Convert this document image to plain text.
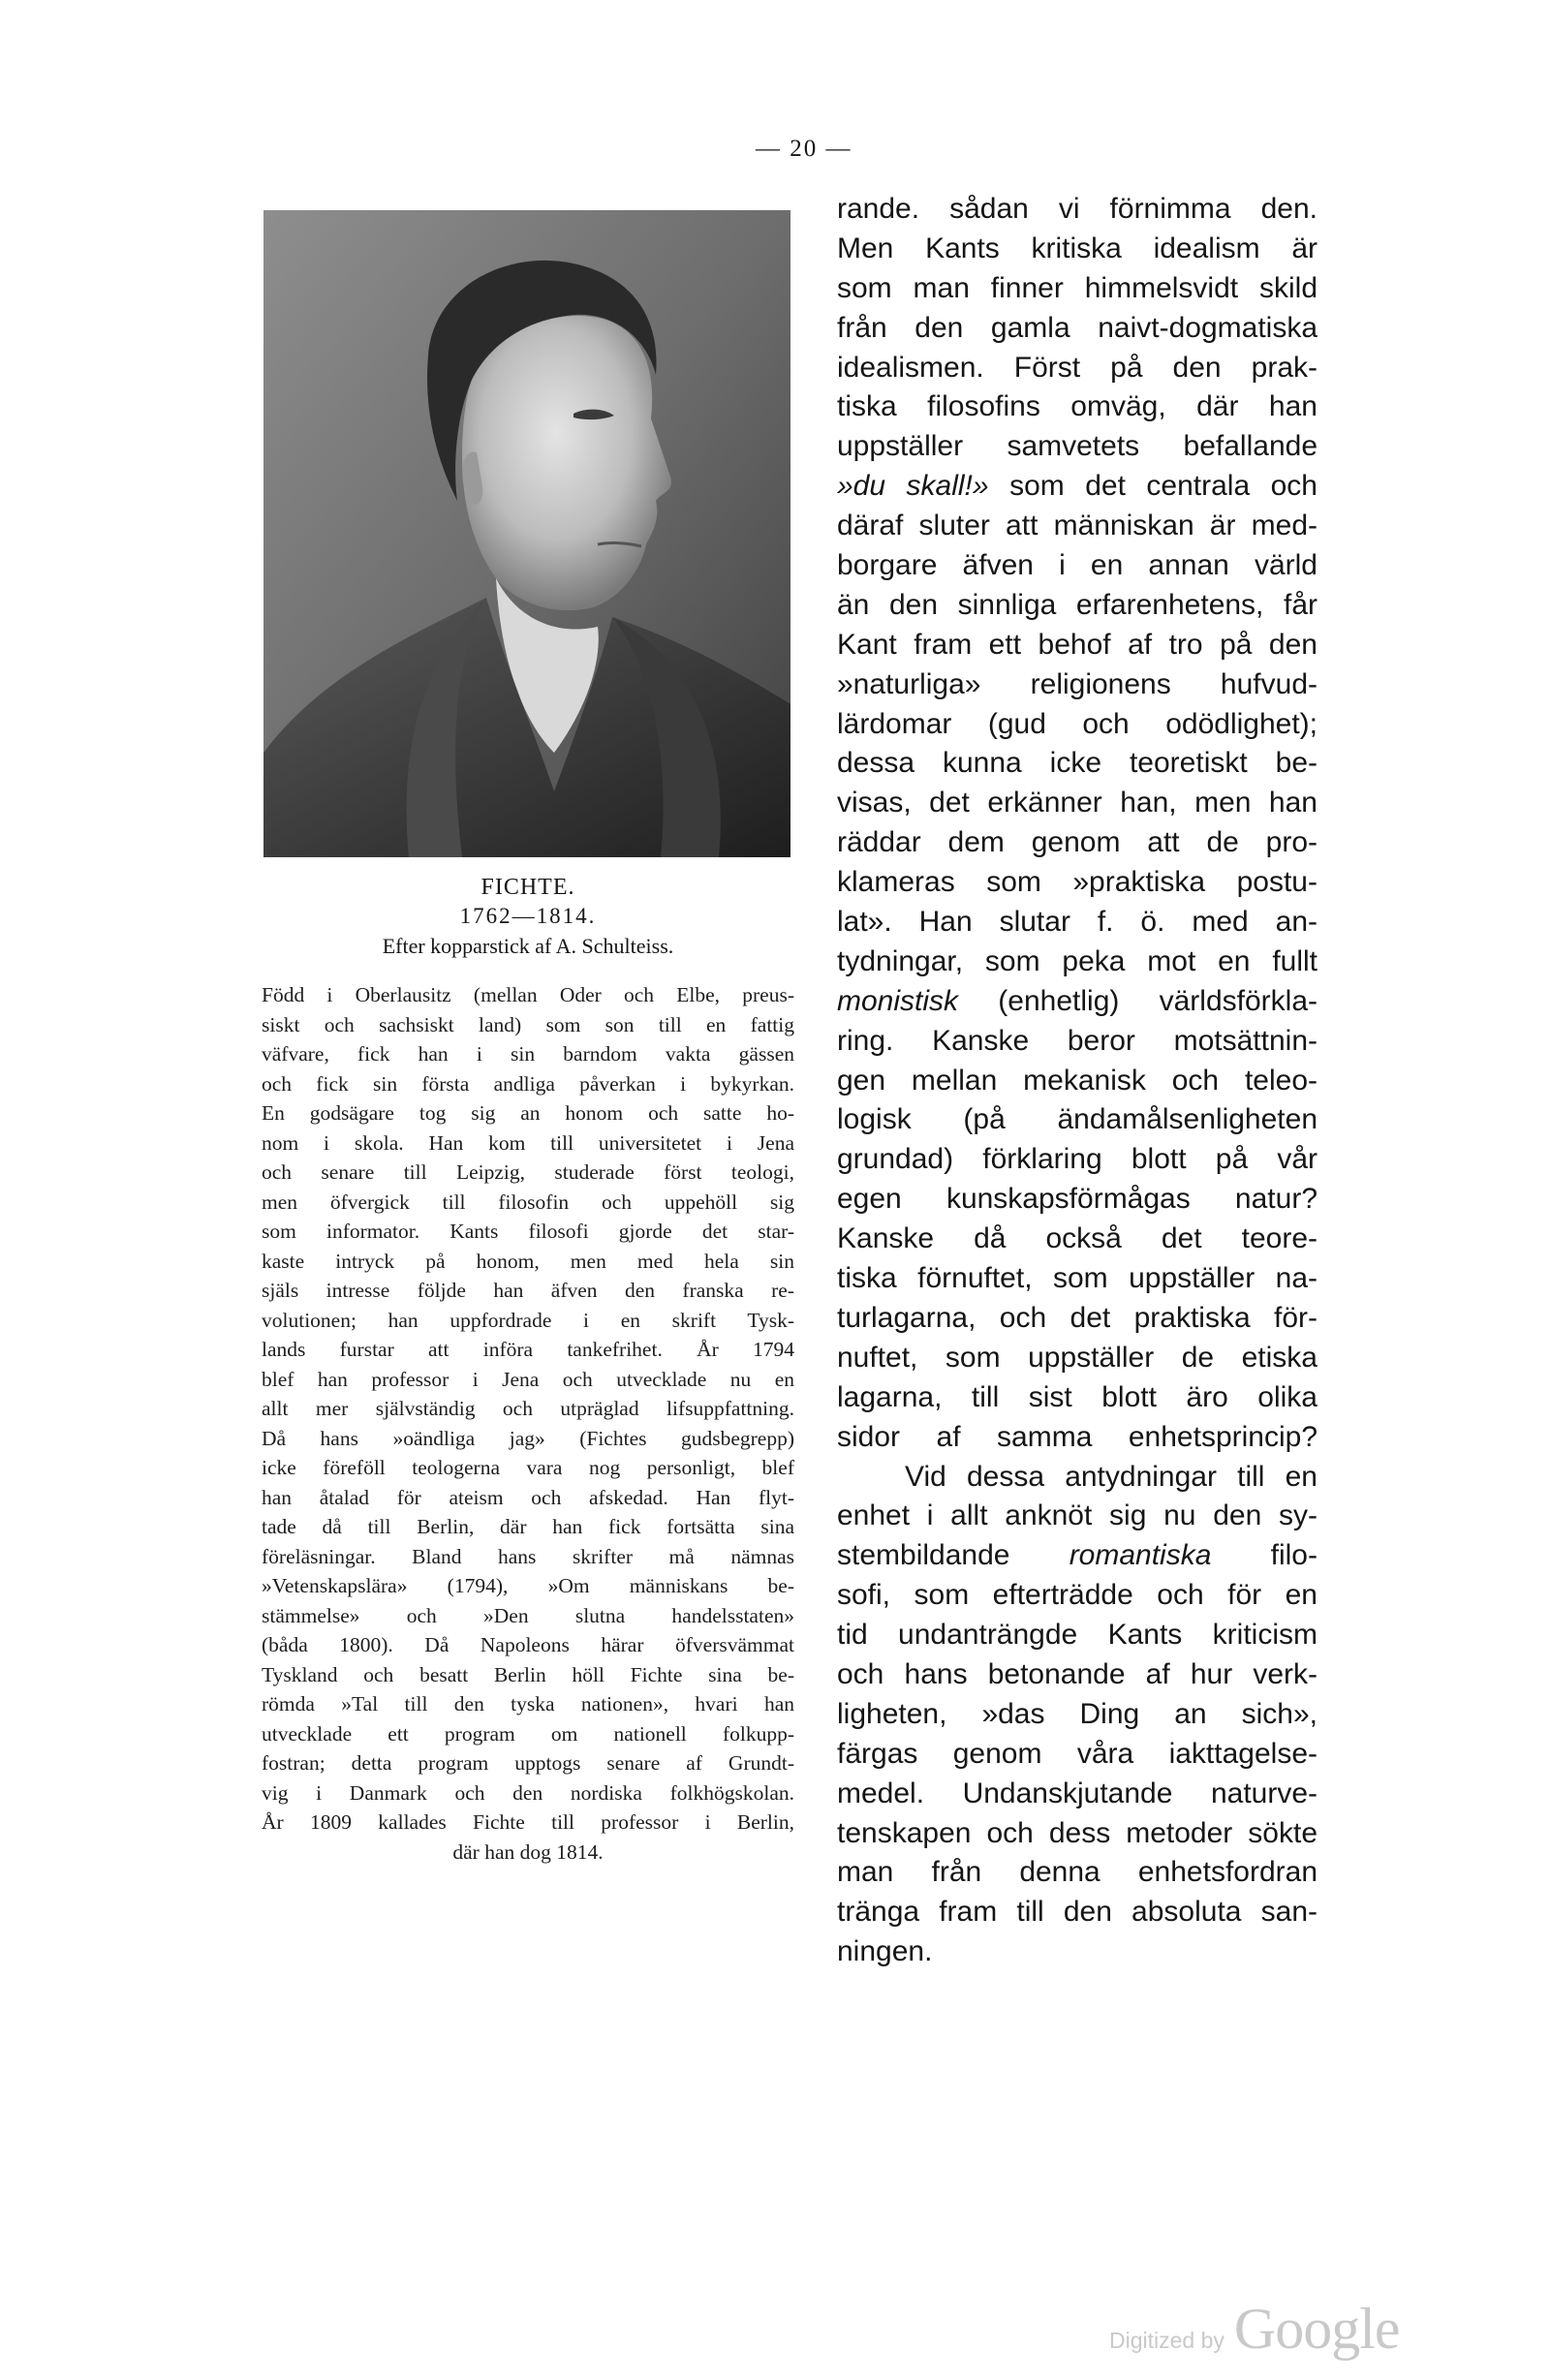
— 20 —
FICHTE.
1762—1814.
Efter kopparstick af A. Schulteiss.
Född i Oberlausitz (mellan Oder och Elbe, preus-
siskt och sachsiskt land) som son till en fattig
väfvare, fick han i sin barndom vakta gässen
och fick sin första andliga påverkan i bykyrkan.
En godsägare tog sig an honom och satte ho-
nom i skola. Han kom till universitetet i Jena
och senare till Leipzig, studerade först teologi,
men öfvergick till filosofin och uppehöll sig
som informator. Kants filosofi gjorde det star-
kaste intryck på honom, men med hela sin
själs intresse följde han äfven den franska re-
volutionen; han uppfordrade i en skrift Tysk-
lands furstar att införa tankefrihet. År 1794
blef han professor i Jena och utvecklade nu en
allt mer självständig och utpräglad lifsuppfattning.
Då hans »oändliga jag» (Fichtes gudsbegrepp)
icke föreföll teologerna vara nog personligt, blef
han åtalad för ateism och afskedad. Han flyt-
tade då till Berlin, där han fick fortsätta sina
föreläsningar. Bland hans skrifter må nämnas
»Vetenskapslära» (1794), »Om människans be-
stämmelse» och »Den slutna handelsstaten»
(båda 1800). Då Napoleons härar öfversvämmat
Tyskland och besatt Berlin höll Fichte sina be-
römda »Tal till den tyska nationen», hvari han
utvecklade ett program om nationell folkupp-
fostran; detta program upptogs senare af Grundt-
vig i Danmark och den nordiska folkhögskolan.
År 1809 kallades Fichte till professor i Berlin,
där han dog 1814.
rande. sådan vi förnimma den.
Men Kants kritiska idealism är
som man finner himmelsvidt skild
från den gamla naivt-dogmatiska
idealismen. Först på den prak-
tiska filosofins omväg, där han
uppställer samvetets befallande
»du skall!» som det centrala och
däraf sluter att människan är med-
borgare äfven i en annan värld
än den sinnliga erfarenhetens, får
Kant fram ett behof af tro på den
»naturliga» religionens hufvud-
lärdomar (gud och odödlighet);
dessa kunna icke teoretiskt be-
visas, det erkänner han, men han
räddar dem genom att de pro-
klameras som »praktiska postu-
lat». Han slutar f. ö. med an-
tydningar, som peka mot en fullt
monistisk (enhetlig) världsförkla-
ring. Kanske beror motsättnin-
gen mellan mekanisk och teleo-
logisk (på ändamålsenligheten
grundad) förklaring blott på vår
egen kunskapsförmågas natur?
Kanske då också det teore-
tiska förnuftet, som uppställer na-
turlagarna, och det praktiska för-
nuftet, som uppställer de etiska
lagarna, till sist blott äro olika
sidor af samma enhetsprincip?
Vid dessa antydningar till en
enhet i allt anknöt sig nu den sy-
stembildande romantiska filo-
sofi, som efterträdde och för en
tid undanträngde Kants kriticism
och hans betonande af hur verk-
ligheten, »das Ding an sich»,
färgas genom våra iakttagelse-
medel. Undanskjutande naturve-
tenskapen och dess metoder sökte
man från denna enhetsfordran
tränga fram till den absoluta san-
ningen.
Digitized by Google
